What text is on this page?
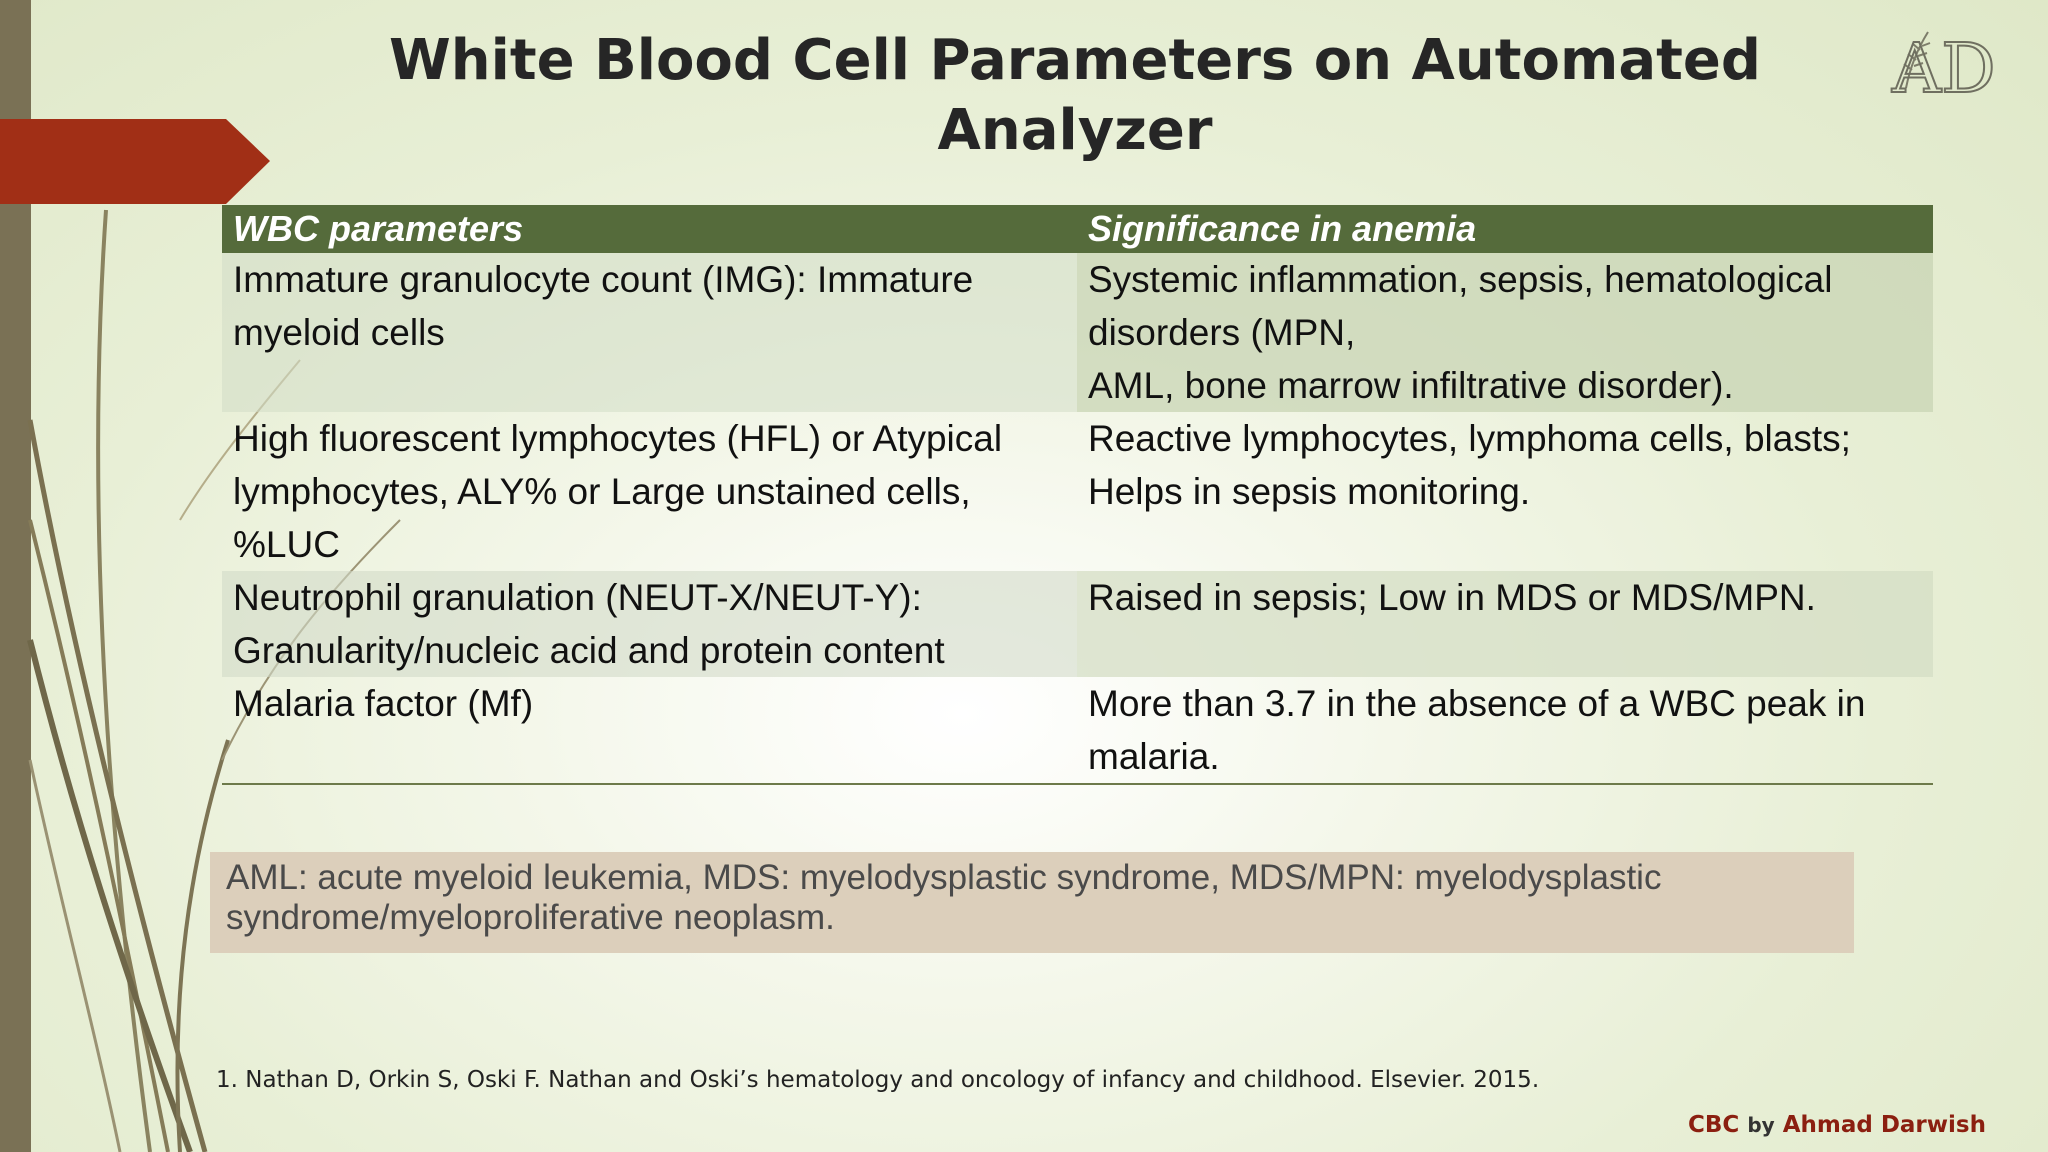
White Blood Cell Parameters on Automated Analyzer
AD
WBC parameters	Significance in anemia
Immature granulocyte count (IMG): Immature myeloid cells	Systemic inflammation, sepsis, hematological disorders (MPN,
AML, bone marrow infiltrative disorder).
High fluorescent lymphocytes (HFL) or Atypical lymphocytes, ALY% or Large unstained cells, %LUC	Reactive lymphocytes, lymphoma cells, blasts;
Helps in sepsis monitoring.
Neutrophil granulation (NEUT-X/NEUT-Y): Granularity/nucleic acid and protein content	Raised in sepsis; Low in MDS or MDS/MPN.
Malaria factor (Mf)	More than 3.7 in the absence of a WBC peak in malaria.
AML: acute myeloid leukemia, MDS: myelodysplastic syndrome, MDS/MPN: myelodysplastic syndrome/myeloproliferative neoplasm.
1. Nathan D, Orkin S, Oski F. Nathan and Oski’s hematology and oncology of infancy and childhood. Elsevier. 2015.
CBC by Ahmad Darwish
